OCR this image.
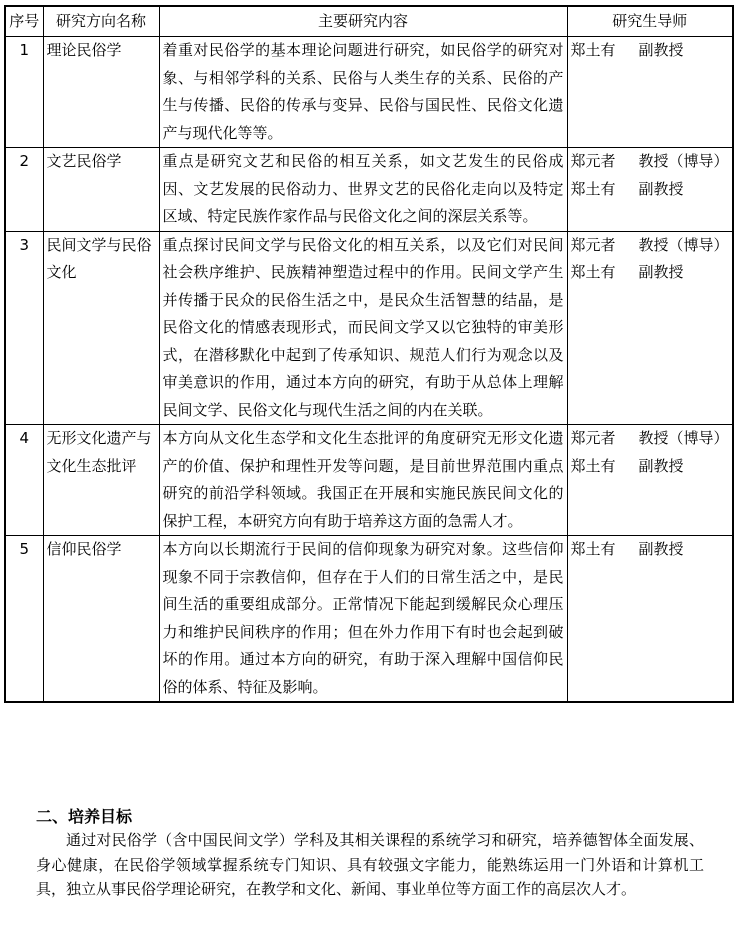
序号	研究方向名称	主要研究内容	研究生导师
1	理论民俗学	着重对民俗学的基本理论问题进行研究，如民俗学的研究对象、与相邻学科的关系、民俗与人类生存的关系、民俗的产生与传播、民俗的传承与变异、民俗与国民性、民俗文化遗产与现代化等等。	郑土有 副教授

2	文艺民俗学	重点是研究文艺和民俗的相互关系，如文艺发生的民俗成因、文艺发展的民俗动力、世界文艺的民俗化走向以及特定区域、特定民族作家作品与民俗文化之间的深层关系等。	郑元者 教授（博导）
郑土有 副教授

3	民间文学与民俗文化	重点探讨民间文学与民俗文化的相互关系，以及它们对民间社会秩序维护、民族精神塑造过程中的作用。民间文学产生并传播于民众的民俗生活之中，是民众生活智慧的结晶，是民俗文化的情感表现形式，而民间文学又以它独特的审美形式，在潜移默化中起到了传承知识、规范人们行为观念以及审美意识的作用，通过本方向的研究，有助于从总体上理解民间文学、民俗文化与现代生活之间的内在关联。	郑元者 教授（博导）
郑土有 副教授

4	无形文化遗产与文化生态批评	本方向从文化生态学和文化生态批评的角度研究无形文化遗产的价值、保护和理性开发等问题，是目前世界范围内重点研究的前沿学科领域。我国正在开展和实施民族民间文化的保护工程，本研究方向有助于培养这方面的急需人才。	郑元者 教授（博导）
郑土有 副教授

5	信仰民俗学	本方向以长期流行于民间的信仰现象为研究对象。这些信仰现象不同于宗教信仰，但存在于人们的日常生活之中，是民间生活的重要组成部分。正常情况下能起到缓解民众心理压力和维护民间秩序的作用；但在外力作用下有时也会起到破坏的作用。通过本方向的研究，有助于深入理解中国信仰民俗的体系、特征及影响。	郑土有 副教授
二、培养目标

通过对民俗学（含中国民间文学）学科及其相关课程的系统学习和研究，培养德智体全面发展、身心健康，在民俗学领域掌握系统专门知识、具有较强文字能力，能熟练运用一门外语和计算机工具，独立从事民俗学理论研究，在教学和文化、新闻、事业单位等方面工作的高层次人才。
